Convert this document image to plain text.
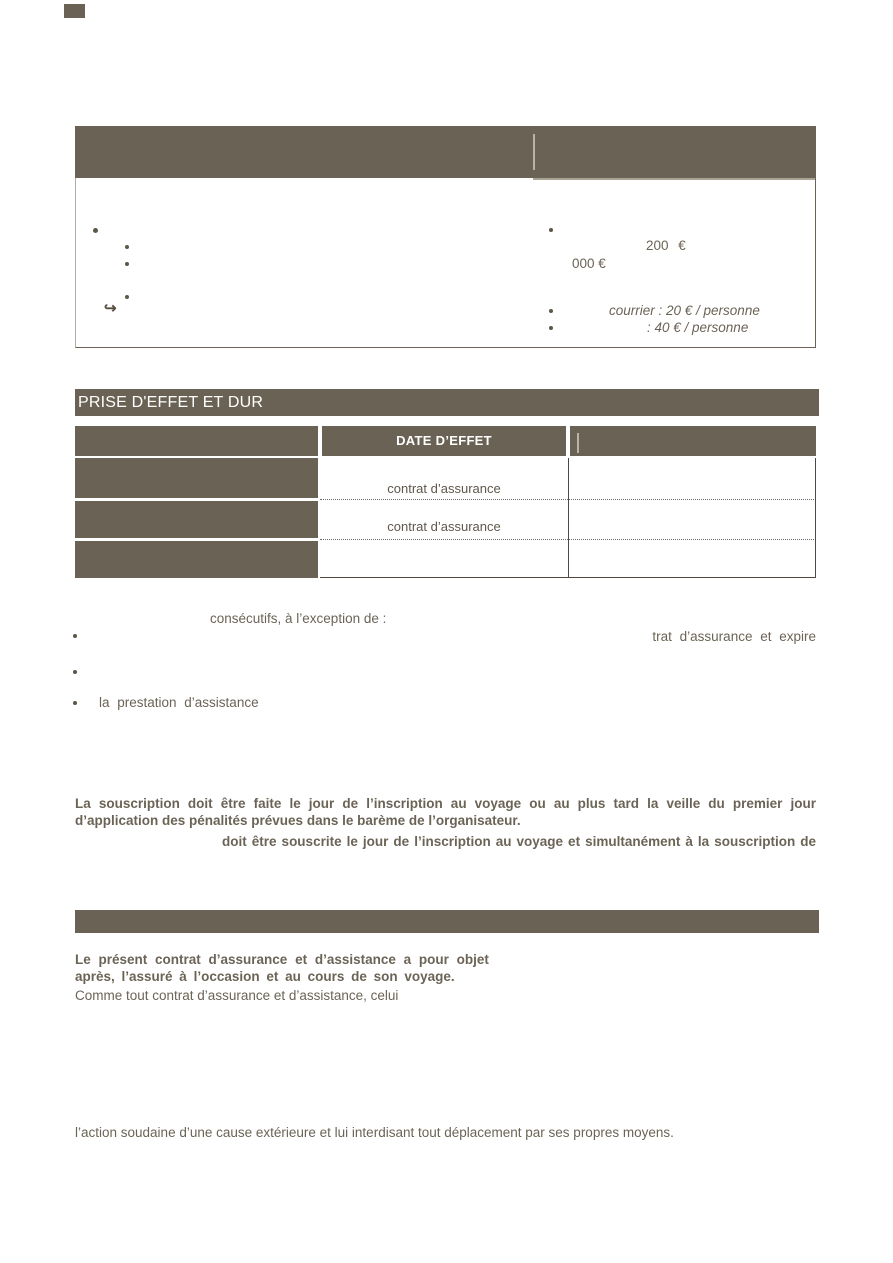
↪
200 €
000 €
courrier : 20 € / personne
: 40 € / personne
PRISE D'EFFET ET DUR
DATE D’EFFET
contrat d’assurance
contrat d’assurance
consécutifs, à l’exception de :
trat d’assurance et expire
la prestation d’assistance
La souscription doit être faite le jour de l’inscription au voyage ou au plus tard la veille du premier jour
d’application des pénalités prévues dans le barème de l’organisateur.
doit être souscrite le jour de l’inscription au voyage et simultanément à la souscription de
Le présent contrat d’assurance et d’assistance a pour objet
après, l’assuré à l’occasion et au cours de son voyage.
Comme tout contrat d’assurance et d’assistance, celui
l’action soudaine d’une cause extérieure et lui interdisant tout déplacement par ses propres moyens.
